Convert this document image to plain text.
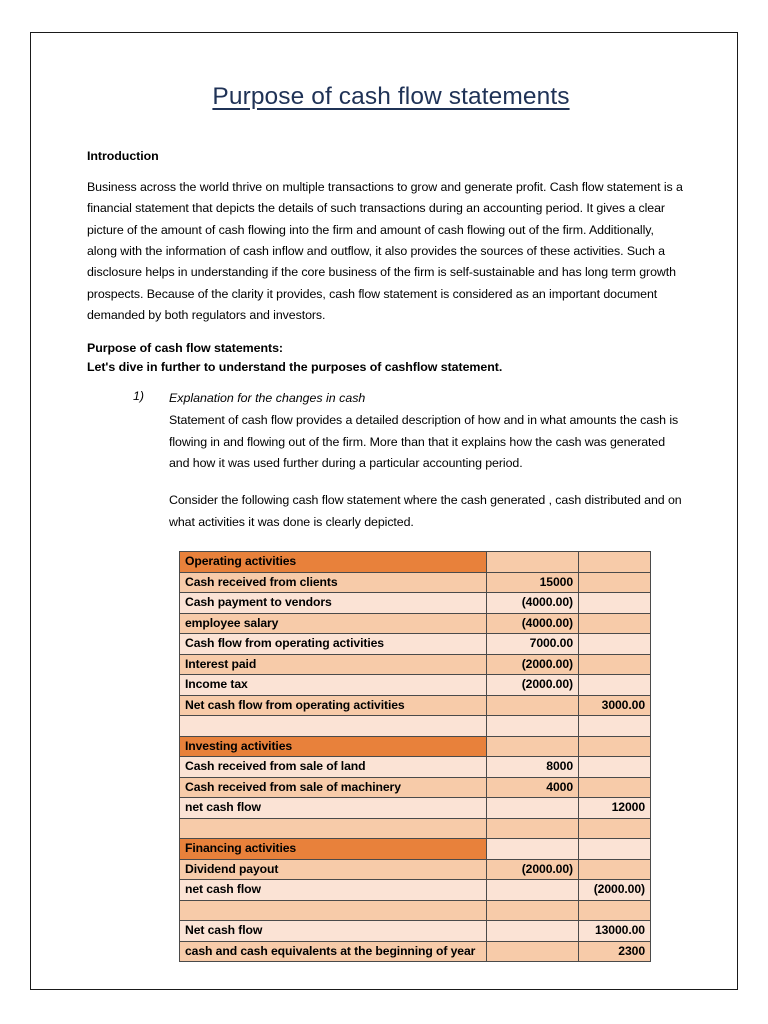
Purpose of cash flow statements
Introduction

Business across the world thrive on multiple transactions to grow and generate profit. Cash flow statement is a financial statement that depicts the details of such transactions during an accounting period. It gives a clear picture of the amount of cash flowing into the firm and amount of cash flowing out of the firm. Additionally, along with the information of cash inflow and outflow, it also provides the sources of these activities. Such a disclosure helps in understanding if the core business of the firm is self-sustainable and has long term growth prospects. Because of the clarity it provides, cash flow statement is considered as an important document demanded by both regulators and investors.

Purpose of cash flow statements:
Let's dive in further to understand the purposes of cashflow statement.
1) Explanation for the changes in cash

Statement of cash flow provides a detailed description of how and in what amounts the cash is flowing in and flowing out of the firm. More than that it explains how the cash was generated and how it was used further during a particular accounting period.

Consider the following cash flow statement where the cash generated , cash distributed and on what activities it was done is clearly depicted.

Operating activities		
Cash received from clients	15000	
Cash payment to vendors	(4000.00)	
employee salary	(4000.00)	
Cash flow from operating activities	7000.00	
Interest paid	(2000.00)	
Income tax	(2000.00)	
Net cash flow from operating activities		3000.00

Investing activities		
Cash received from sale of land	8000	
Cash received from sale of machinery	4000	
net cash flow		12000

Financing activities		
Dividend payout	(2000.00)	
net cash flow		(2000.00)

Net cash flow		13000.00
cash and cash equivalents at the beginning of year		2300
